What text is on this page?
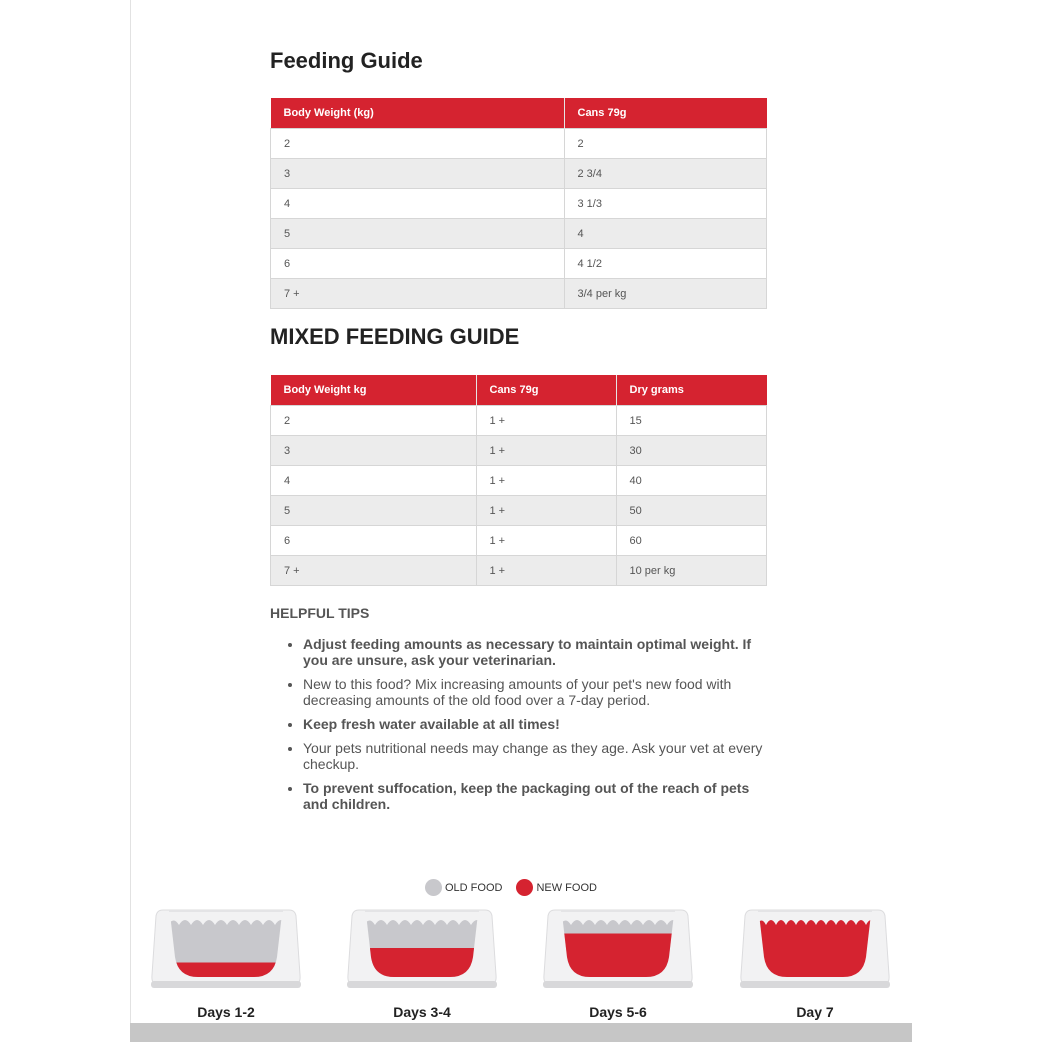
Feeding Guide
Body Weight (kg)	Cans 79g
2	2
3	2 3/4
4	3 1/3
5	4
6	4 1/2
7 +	3/4 per kg
MIXED FEEDING GUIDE
Body Weight kg	Cans 79g	Dry grams
2	1 +	15
3	1 +	30
4	1 +	40
5	1 +	50
6	1 +	60
7 +	1 +	10 per kg
HELPFUL TIPS
• Adjust feeding amounts as necessary to maintain optimal weight. If you are unsure, ask your veterinarian.
• New to this food? Mix increasing amounts of your pet's new food with decreasing amounts of the old food over a 7-day period.
• Keep fresh water available at all times!
• Your pets nutritional needs may change as they age. Ask your vet at every checkup.
• To prevent suffocation, keep the packaging out of the reach of pets and children.
OLD FOOD	NEW FOOD
Days 1-2	Days 3-4	Days 5-6	Day 7
